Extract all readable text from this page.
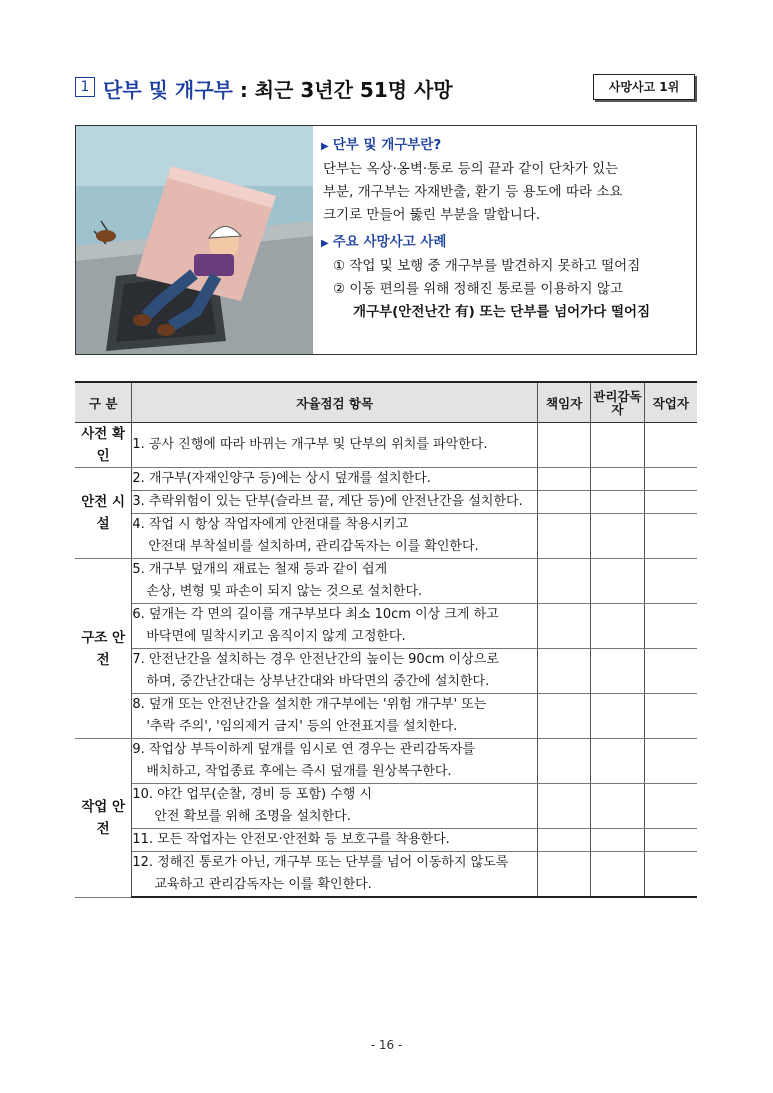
1 단부 및 개구부 : 최근 3년간 51명 사망	사망사고 1위

▶ 단부 및 개구부란?

단부는 옥상·옹벽·통로 등의 끝과 같이 단차가 있는

부분, 개구부는 자재반출, 환기 등 용도에 따라 소요

크기로 만들어 뚫린 부분을 말합니다.

▶ 주요 사망사고 사례

① 작업 및 보행 중 개구부를 발견하지 못하고 떨어짐

② 이동 편의를 위해 정해진 통로를 이용하지 않고

개구부(안전난간 有) 또는 단부를 넘어가다 떨어짐

구 분	자율점검 항목	책임자	관리감독자	작업자
사전 확인	1. 공사 진행에 따라 바뀌는 개구부 및 단부의 위치를 파악한다.			

안전 시설	2. 개구부(자재인양구 등)에는 상시 덮개를 설치한다.			

	3. 추락위험이 있는 단부(슬라브 끝, 계단 등)에 안전난간을 설치한다.			

	4. 작업 시 항상 작업자에게 안전대를 착용시키고
안전대 부착설비를 설치하며, 관리감독자는 이를 확인한다.			

구조 안전	5. 개구부 덮개의 재료는 철재 등과 같이 쉽게
손상, 변형 및 파손이 되지 않는 것으로 설치한다.			

	6. 덮개는 각 면의 길이를 개구부보다 최소 10cm 이상 크게 하고
바닥면에 밀착시키고 움직이지 않게 고정한다.			

	7. 안전난간을 설치하는 경우 안전난간의 높이는 90cm 이상으로
하며, 중간난간대는 상부난간대와 바닥면의 중간에 설치한다.			

	8. 덮개 또는 안전난간을 설치한 개구부에는 '위험 개구부' 또는
'추락 주의', '임의제거 금지' 등의 안전표지를 설치한다.			

작업 안전	9. 작업상 부득이하게 덮개를 임시로 연 경우는 관리감독자를
배치하고, 작업종료 후에는 즉시 덮개를 원상복구한다.			

	10. 야간 업무(순찰, 경비 등 포함) 수행 시
안전 확보를 위해 조명을 설치한다.			

	11. 모든 작업자는 안전모·안전화 등 보호구를 착용한다.			

	12. 정해진 통로가 아닌, 개구부 또는 단부를 넘어 이동하지 않도록
교육하고 관리감독자는 이를 확인한다.			

- 16 -
